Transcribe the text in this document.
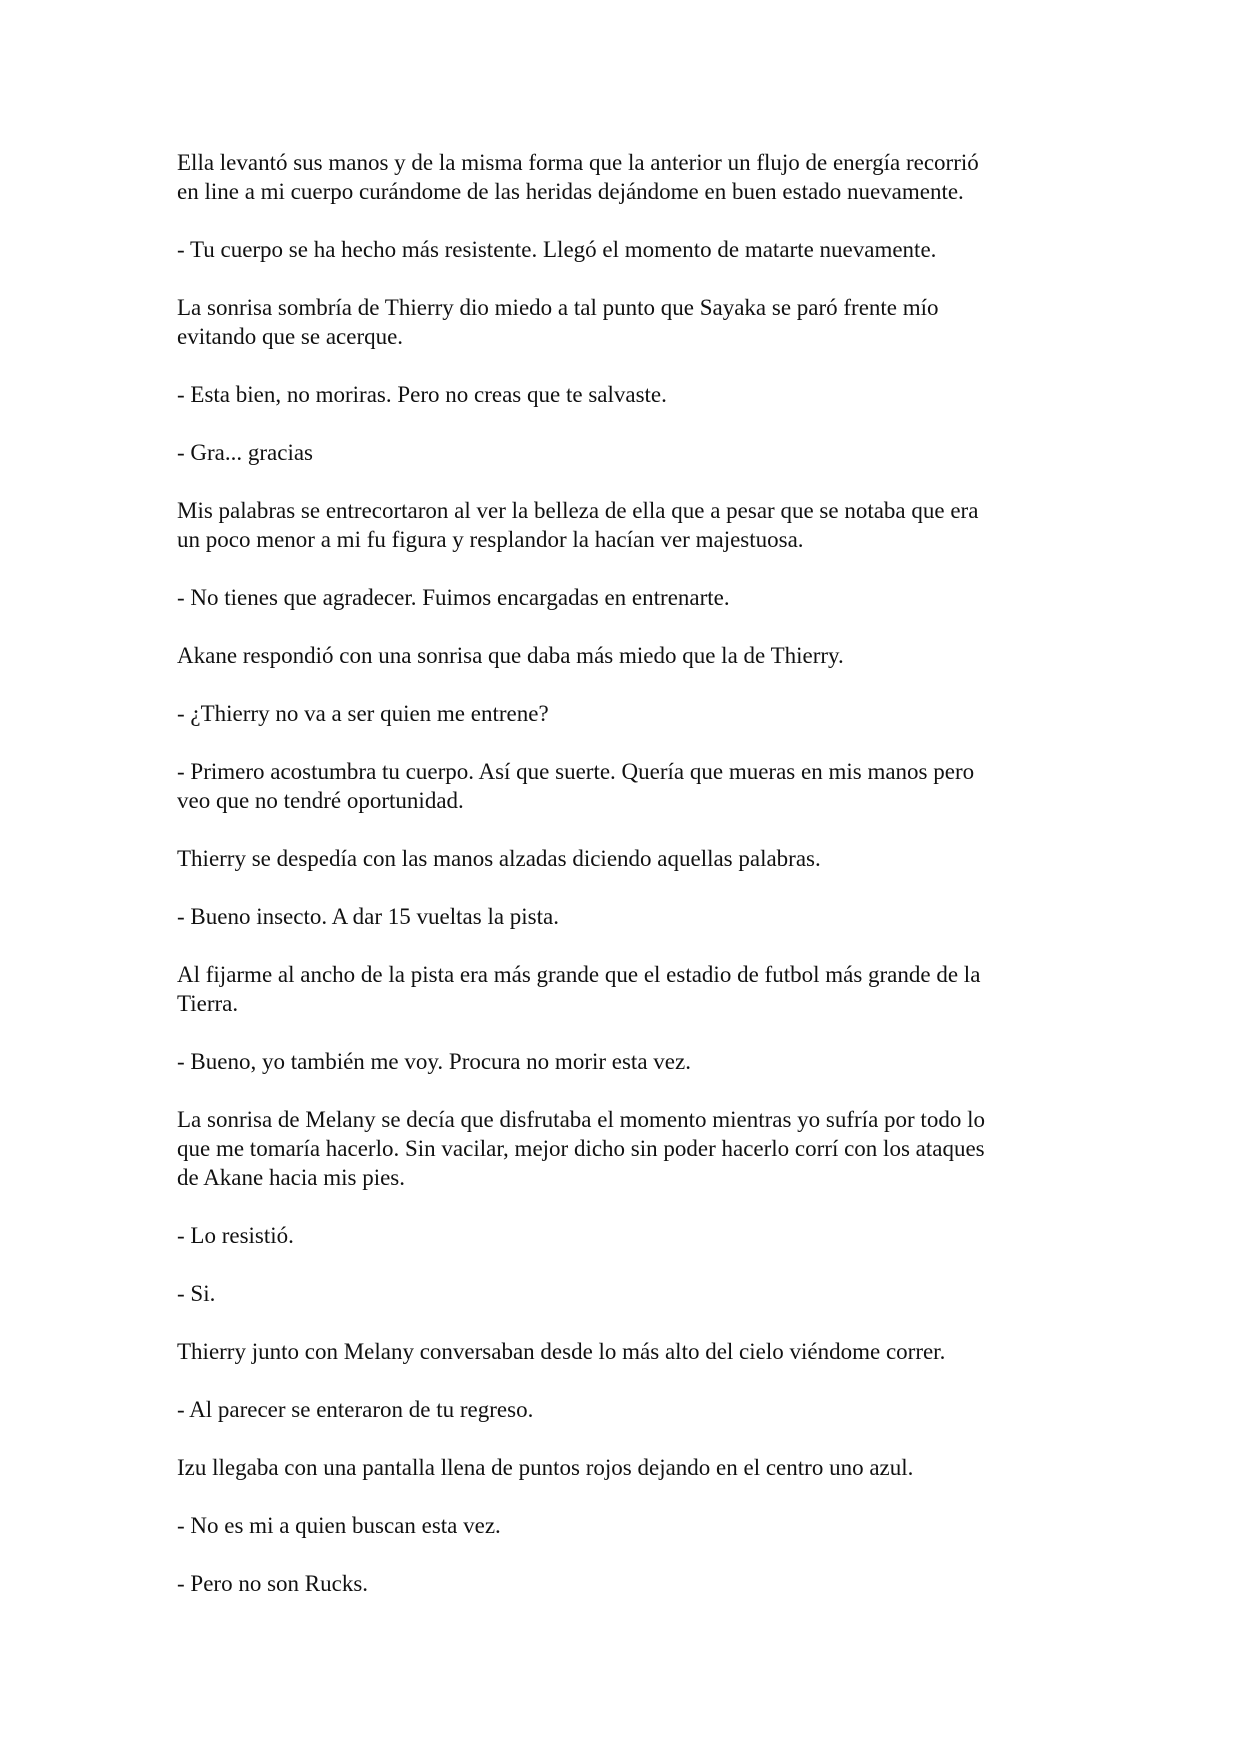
Ella levantó sus manos y de la misma forma que la anterior un flujo de energía recorrió
en line a mi cuerpo curándome de las heridas dejándome en buen estado nuevamente.

- Tu cuerpo se ha hecho más resistente. Llegó el momento de matarte nuevamente.

La sonrisa sombría de Thierry dio miedo a tal punto que Sayaka se paró frente mío
evitando que se acerque.

- Esta bien, no moriras. Pero no creas que te salvaste.

- Gra... gracias

Mis palabras se entrecortaron al ver la belleza de ella que a pesar que se notaba que era
un poco menor a mi fu figura y resplandor la hacían ver majestuosa.

- No tienes que agradecer. Fuimos encargadas en entrenarte.

Akane respondió con una sonrisa que daba más miedo que la de Thierry.

- ¿Thierry no va a ser quien me entrene?

- Primero acostumbra tu cuerpo. Así que suerte. Quería que mueras en mis manos pero
veo que no tendré oportunidad.

Thierry se despedía con las manos alzadas diciendo aquellas palabras.

- Bueno insecto. A dar 15 vueltas la pista.

Al fijarme al ancho de la pista era más grande que el estadio de futbol más grande de la
Tierra.

- Bueno, yo también me voy. Procura no morir esta vez.

La sonrisa de Melany se decía que disfrutaba el momento mientras yo sufría por todo lo
que me tomaría hacerlo. Sin vacilar, mejor dicho sin poder hacerlo corrí con los ataques
de Akane hacia mis pies.

- Lo resistió.

- Si.

Thierry junto con Melany conversaban desde lo más alto del cielo viéndome correr.

- Al parecer se enteraron de tu regreso.

Izu llegaba con una pantalla llena de puntos rojos dejando en el centro uno azul.

- No es mi a quien buscan esta vez.

- Pero no son Rucks.
